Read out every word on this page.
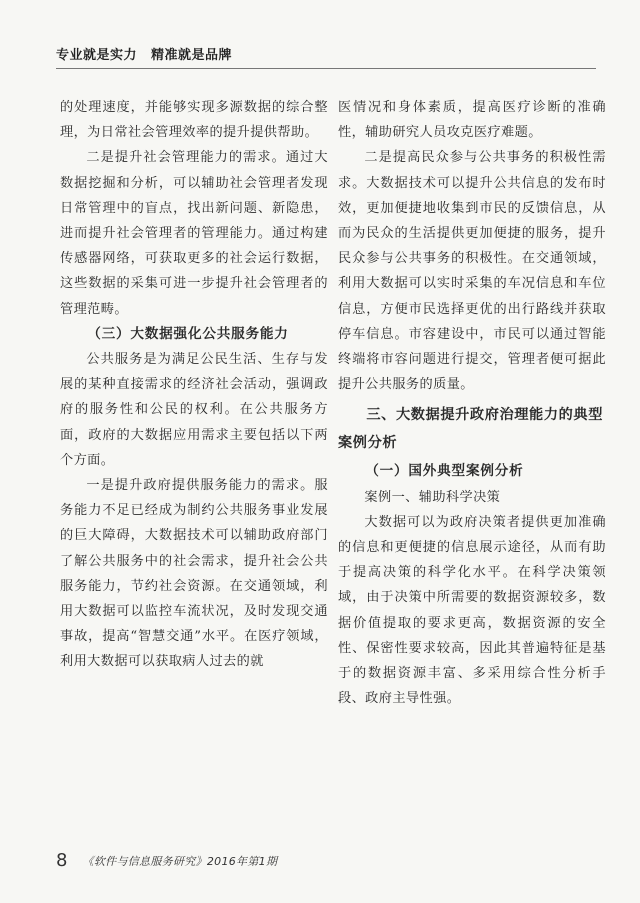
专业就是实力 精准就是品牌

的处理速度，并能够实现多源数据的综合整理，为日常社会管理效率的提升提供帮助。

二是提升社会管理能力的需求。通过大数据挖掘和分析，可以辅助社会管理者发现日常管理中的盲点，找出新问题、新隐患，进而提升社会管理者的管理能力。通过构建传感器网络，可获取更多的社会运行数据，这些数据的采集可进一步提升社会管理者的管理范畴。

（三）大数据强化公共服务能力

公共服务是为满足公民生活、生存与发展的某种直接需求的经济社会活动，强调政府的服务性和公民的权利。在公共服务方面，政府的大数据应用需求主要包括以下两个方面。

一是提升政府提供服务能力的需求。服务能力不足已经成为制约公共服务事业发展的巨大障碍，大数据技术可以辅助政府部门了解公共服务中的社会需求，提升社会公共服务能力，节约社会资源。在交通领域，利用大数据可以监控车流状况，及时发现交通事故，提高“智慧交通”水平。在医疗领域，利用大数据可以获取病人过去的就

医情况和身体素质，提高医疗诊断的准确性，辅助研究人员攻克医疗难题。

二是提高民众参与公共事务的积极性需求。大数据技术可以提升公共信息的发布时效，更加便捷地收集到市民的反馈信息，从而为民众的生活提供更加便捷的服务，提升民众参与公共事务的积极性。在交通领域，利用大数据可以实时采集的车况信息和车位信息，方便市民选择更优的出行路线并获取停车信息。市容建设中，市民可以通过智能终端将市容问题进行提交，管理者便可据此提升公共服务的质量。

三、大数据提升政府治理能力的典型案例分析

（一）国外典型案例分析

案例一、辅助科学决策

大数据可以为政府决策者提供更加准确的信息和更便捷的信息展示途径，从而有助于提高决策的科学化水平。在科学决策领域，由于决策中所需要的数据资源较多，数据价值提取的要求更高，数据资源的安全性、保密性要求较高，因此其普遍特征是基于的数据资源丰富、多采用综合性分析手段、政府主导性强。

8 《软件与信息服务研究》2016年第1期
